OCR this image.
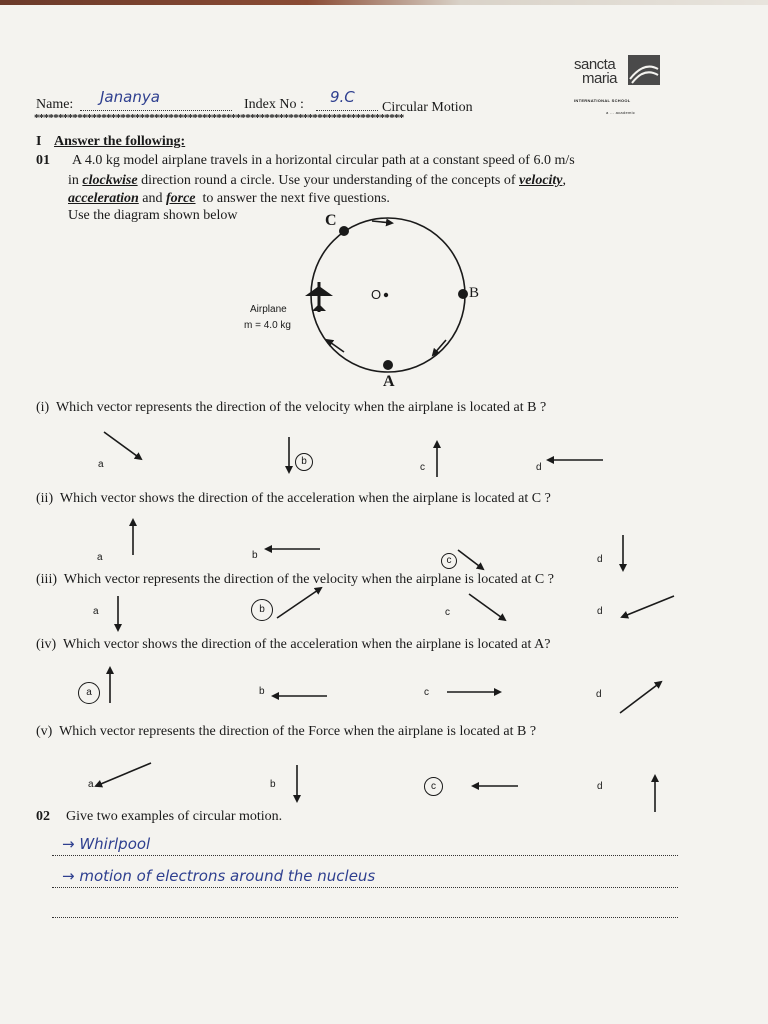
sancta
maria
INTERNATIONAL SCHOOL
a ... academic
Name: Jananya	Index No : 9.C
Circular Motion
*****************************************************************************
I Answer the following:
01 A 4.0 kg model airplane travels in a horizontal circular path at a constant speed of 6.0 m/s
in clockwise direction round a circle. Use your understanding of the concepts of velocity,
acceleration and force to answer the next five questions.
Use the diagram shown below	C
B
A
O
Airplane
m = 4.0 kg
(i) Which vector represents the direction of the velocity when the airplane is located at B ?
a	b
c	d
(ii) Which vector shows the direction of the acceleration when the airplane is located at C ?
a	b	c	d
(iii) Which vector represents the direction of the velocity when the airplane is located at C ?
a	b	c	d
(iv) Which vector shows the direction of the acceleration when the airplane is located at A?
a	b	c	d
(v) Which vector represents the direction of the Force when the airplane is located at B ?
a	b	c	d
02 Give two examples of circular motion.
→ Whirlpool
→ motion of electrons around the nucleus
